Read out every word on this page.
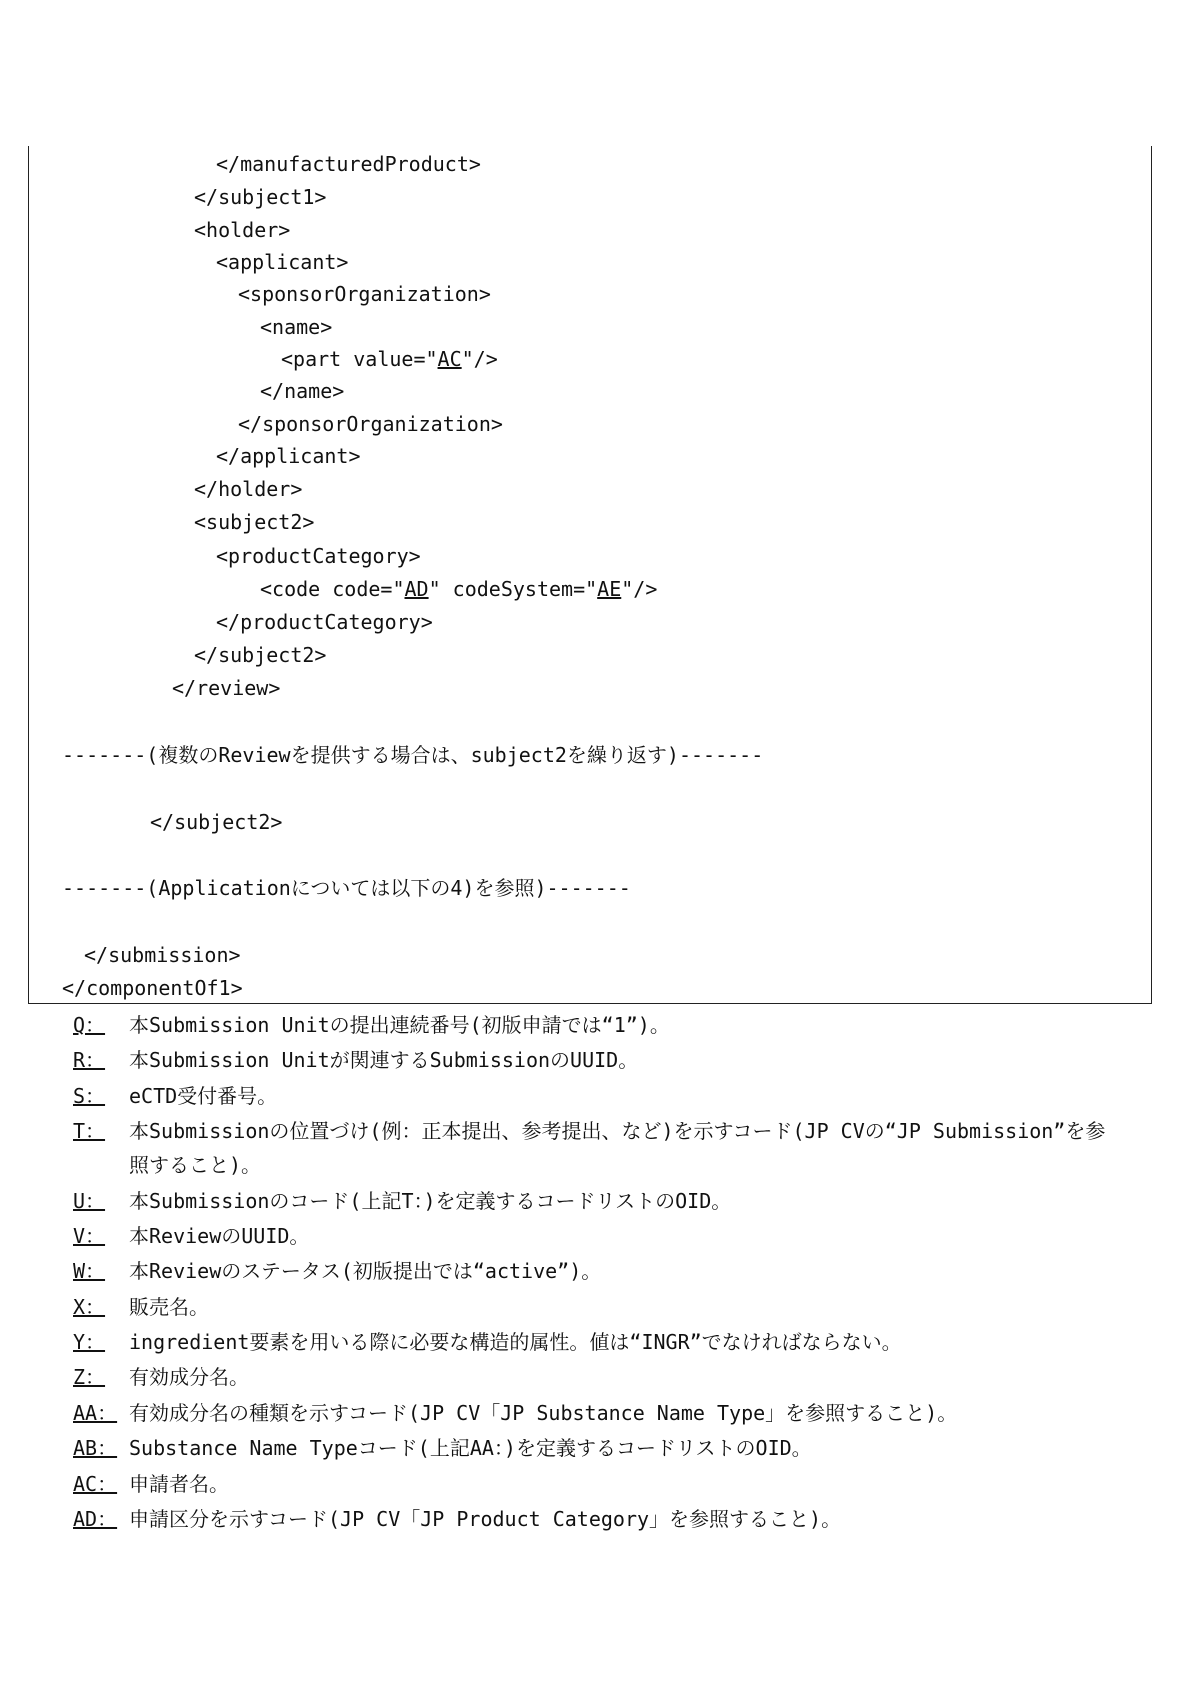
</manufacturedProduct>
</subject1>
<holder>
<applicant>
<sponsorOrganization>
<name>
<part value="AC"/>
</name>
</sponsorOrganization>
</applicant>
</holder>
<subject2>
<productCategory>
<code code="AD" codeSystem="AE"/>
</productCategory>
</subject2>
</review>
-------(複数のReviewを提供する場合は、subject2を繰り返す)-------
</subject2>
-------(Applicationについては以下の4)を参照)-------
</submission>
</componentOf1>
Q： 本Submission Unitの提出連続番号(初版申請では“1”)。
R： 本Submission Unitが関連するSubmissionのUUID。
S： eCTD受付番号。
T： 本Submissionの位置づけ(例：正本提出、参考提出、など)を示すコード(JP CVの“JP Submission”を参
照すること)。
U： 本Submissionのコード(上記T：)を定義するコードリストのOID。
V： 本ReviewのUUID。
W： 本Reviewのステータス(初版提出では“active”)。
X： 販売名。
Y： ingredient要素を用いる際に必要な構造的属性。値は“INGR”でなければならない。
Z： 有効成分名。
AA： 有効成分名の種類を示すコード(JP CV「JP Substance Name Type」を参照すること)。
AB： Substance Name Typeコード(上記AA：)を定義するコードリストのOID。
AC： 申請者名。
AD： 申請区分を示すコード(JP CV「JP Product Category」を参照すること)。
